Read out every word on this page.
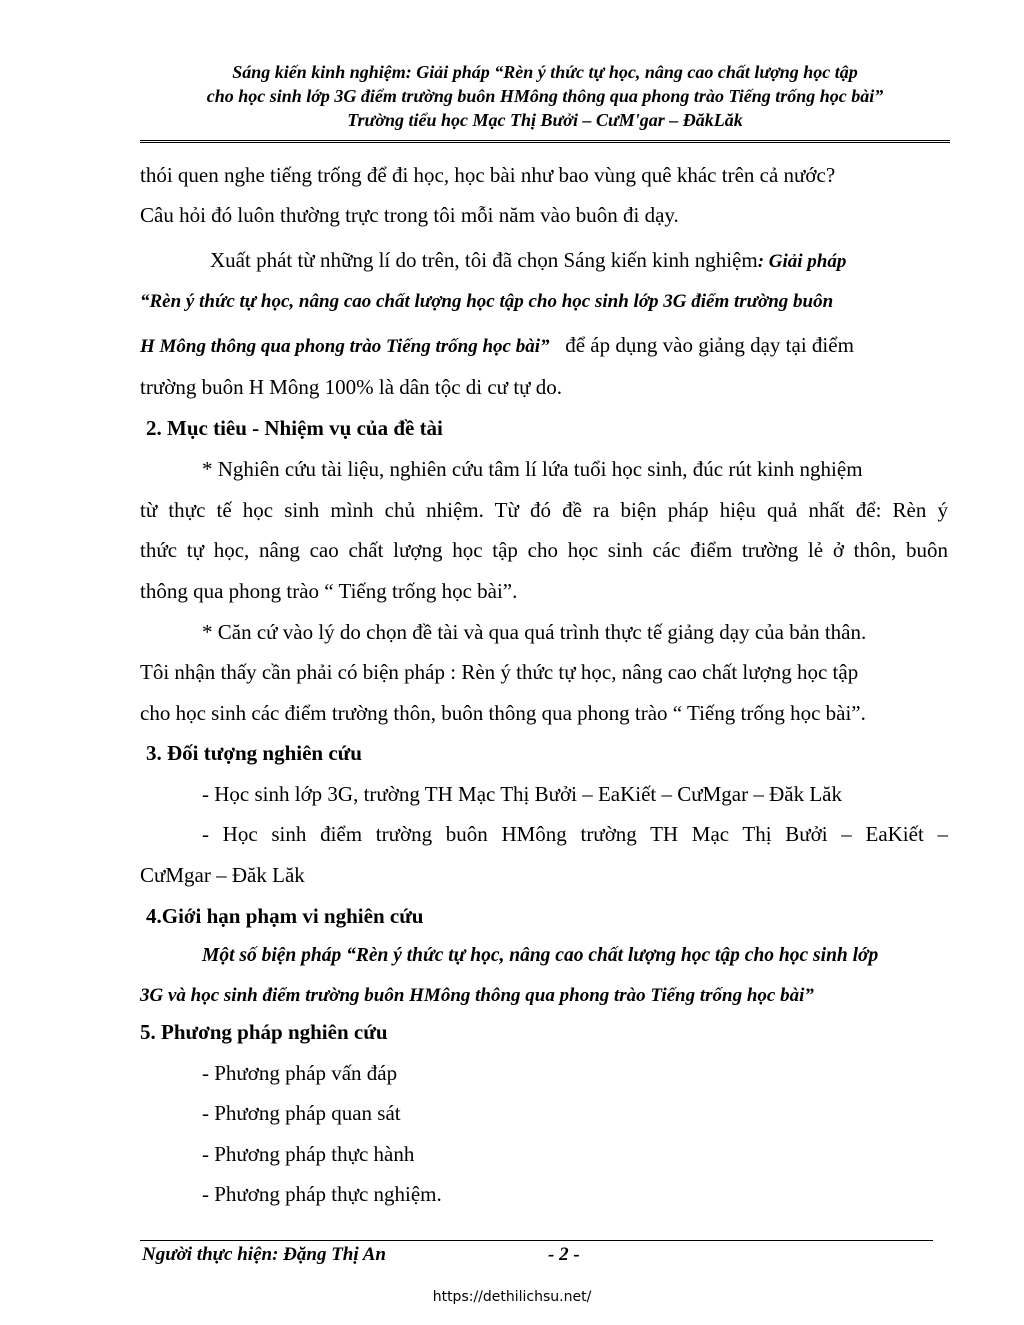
Sáng kiến kinh nghiệm: Giải pháp “Rèn ý thức tự học, nâng cao chất lượng học tập
cho học sinh lớp 3G điểm trường buôn HMông thông qua phong trào Tiếng trống học bài”
Trường tiểu học Mạc Thị Bưởi – CưM'gar – ĐăkLăk
thói quen nghe tiếng trống để đi học, học bài như bao vùng quê khác trên cả nước?
Câu hỏi đó luôn thường trực trong tôi mỗi năm vào buôn đi dạy.
Xuất phát từ những lí do trên, tôi đã chọn Sáng kiến kinh nghiệm: Giải pháp
“Rèn ý thức tự học, nâng cao chất lượng học tập cho học sinh lớp 3G điểm trường buôn
H Mông thông qua phong trào Tiếng trống học bài” để áp dụng vào giảng dạy tại điểm
trường buôn H Mông 100% là dân tộc di cư tự do.
2. Mục tiêu - Nhiệm vụ của đề tài
* Nghiên cứu tài liệu, nghiên cứu tâm lí lứa tuổi học sinh, đúc rút kinh nghiệm
từ thực tế học sinh mình chủ nhiệm. Từ đó đề ra biện pháp hiệu quả nhất để: Rèn ý
thức tự học, nâng cao chất lượng học tập cho học sinh các điểm trường lẻ ở thôn, buôn
thông qua phong trào “ Tiếng trống học bài”.
* Căn cứ vào lý do chọn đề tài và qua quá trình thực tế giảng dạy của bản thân.
Tôi nhận thấy cần phải có biện pháp : Rèn ý thức tự học, nâng cao chất lượng học tập
cho học sinh các điểm trường thôn, buôn thông qua phong trào “ Tiếng trống học bài”.
3. Đối tượng nghiên cứu
- Học sinh lớp 3G, trường TH Mạc Thị Bưởi – EaKiết – CưMgar – Đăk Lăk
- Học sinh điểm trường buôn HMông trường TH Mạc Thị Bưởi – EaKiết –
CưMgar – Đăk Lăk
4.Giới hạn phạm vi nghiên cứu
Một số biện pháp “Rèn ý thức tự học, nâng cao chất lượng học tập cho học sinh lớp
3G và học sinh điểm trường buôn HMông thông qua phong trào Tiếng trống học bài”
5. Phương pháp nghiên cứu
- Phương pháp vấn đáp
- Phương pháp quan sát
- Phương pháp thực hành
- Phương pháp thực nghiệm.
Người thực hiện: Đặng Thị An	- 2 -
https://dethilichsu.net/
